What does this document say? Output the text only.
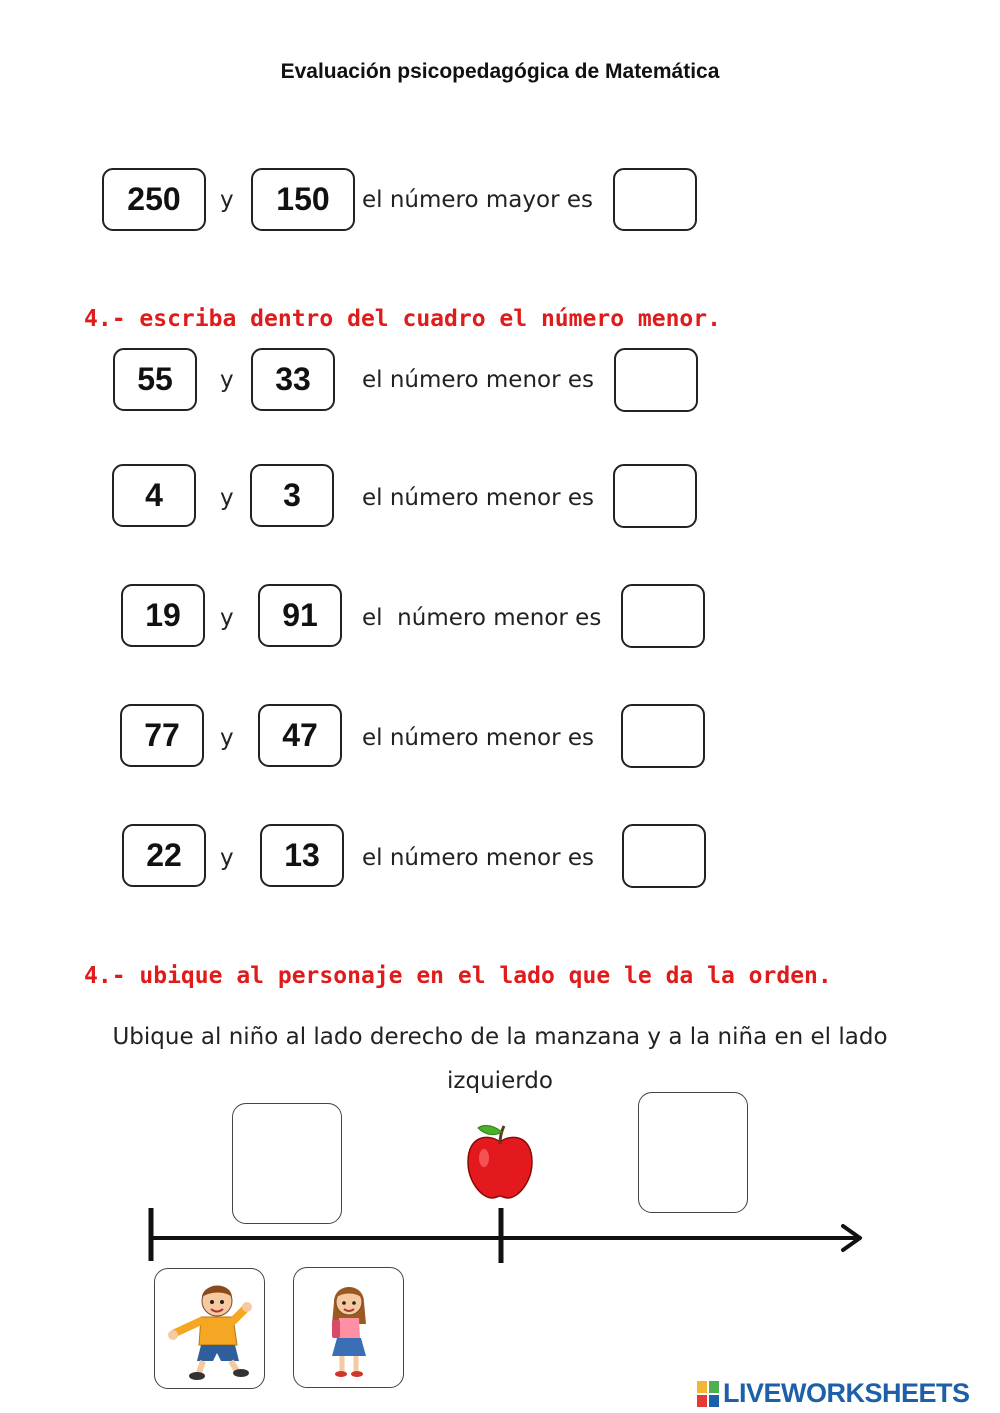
Evaluación psicopedagógica de Matemática
250	y	150	el número mayor es
4.- escriba dentro del cuadro el número menor.
55	y	33	el número menor es
4	y	3	el número menor es
19	y	91	el  número menor es
77	y	47	el número menor es
22	y	13	el número menor es
4.- ubique al personaje en el lado que le da la orden.
Ubique al niño al lado derecho de la manzana y a la niña en el lado
izquierdo
LIVEWORKSHEETS
